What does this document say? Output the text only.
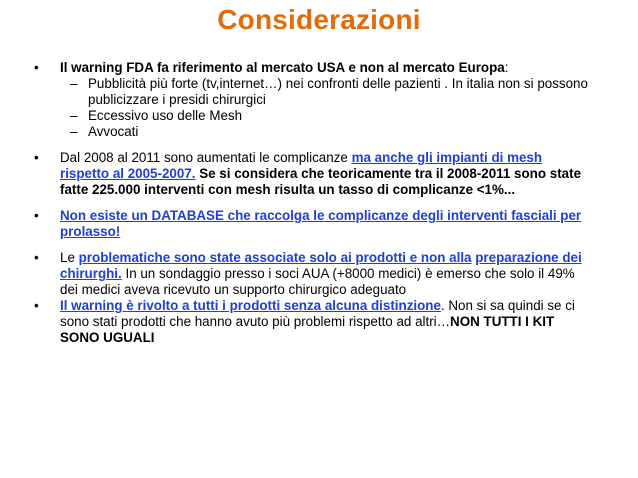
Considerazioni
• Il warning FDA fa riferimento al mercato USA e non al mercato Europa:
– Pubblicità più forte (tv,internet…) nei confronti delle pazienti . In italia non si possono publicizzare i presidi chirurgici
– Eccessivo uso delle Mesh
– Avvocati
• Dal 2008 al 2011 sono aumentati le complicanze ma anche gli impianti di mesh rispetto al 2005-2007. Se si considera che teoricamente tra il 2008-2011 sono state fatte 225.000 interventi con mesh risulta un tasso di complicanze <1%...
• Non esiste un DATABASE che raccolga le complicanze degli interventi fasciali per prolasso!
• Le problematiche sono state associate solo ai prodotti e non alla preparazione dei chirurghi. In un sondaggio presso i soci AUA (+8000 medici) è emerso che solo il 49% dei medici aveva ricevuto un supporto chirurgico adeguato
• Il warning è rivolto a tutti i prodotti senza alcuna distinzione. Non si sa quindi se ci sono stati prodotti che hanno avuto più problemi rispetto ad altri…NON TUTTI I KIT SONO UGUALI
